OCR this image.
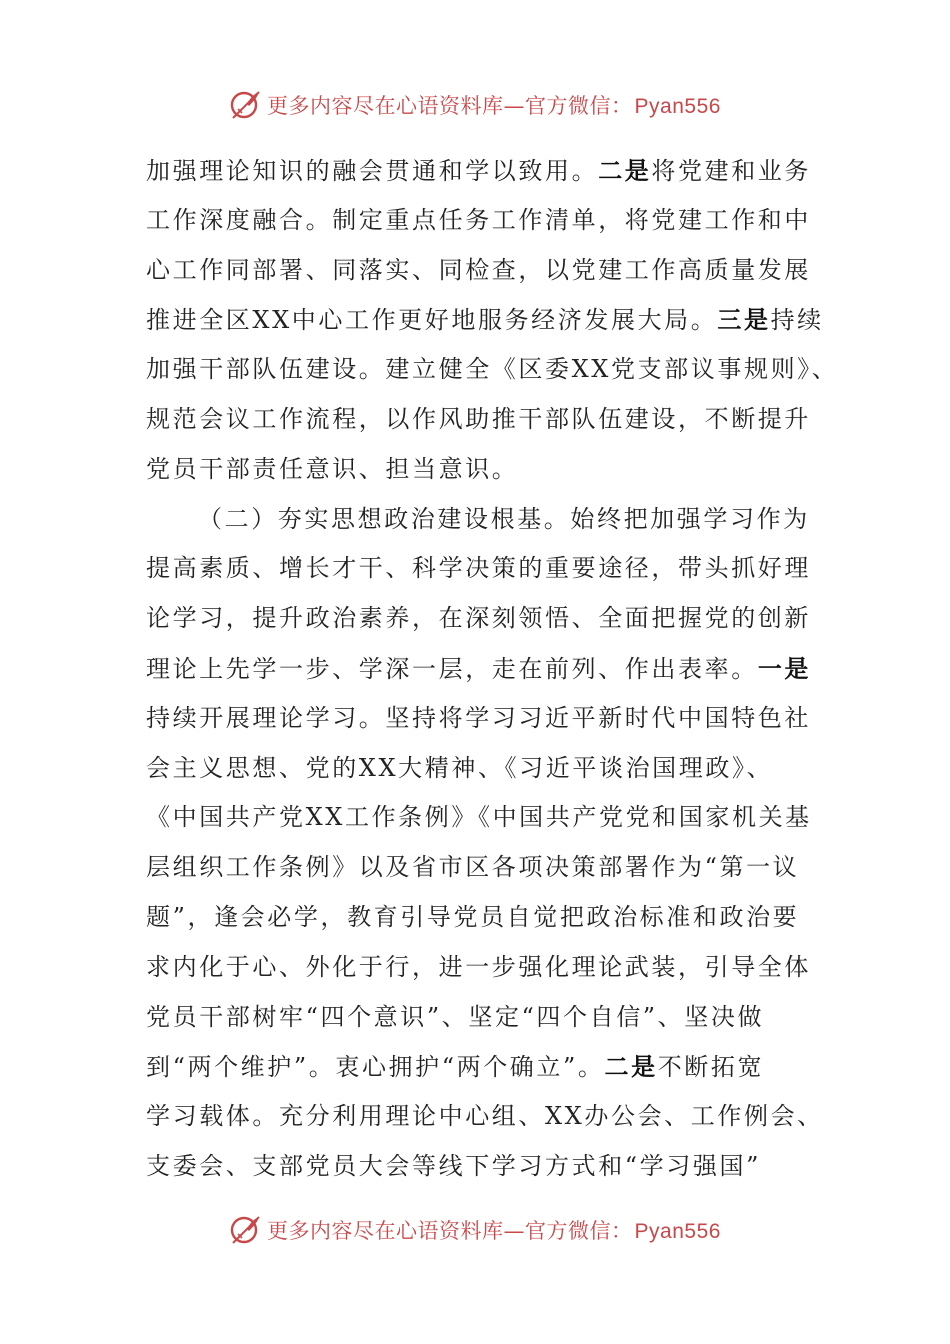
更多内容尽在心语资料库—官方微信：Pyan556
加强理论知识的融会贯通和学以致用。二是将党建和业务
工作深度融合。制定重点任务工作清单，将党建工作和中
心工作同部署、同落实、同检查，以党建工作高质量发展
推进全区XX中心工作更好地服务经济发展大局。三是持续
加强干部队伍建设。建立健全《区委XX党支部议事规则》、
规范会议工作流程，以作风助推干部队伍建设，不断提升
党员干部责任意识、担当意识。
（二）夯实思想政治建设根基。始终把加强学习作为
提高素质、增长才干、科学决策的重要途径，带头抓好理
论学习，提升政治素养，在深刻领悟、全面把握党的创新
理论上先学一步、学深一层，走在前列、作出表率。一是
持续开展理论学习。坚持将学习习近平新时代中国特色社
会主义思想、党的XX大精神、《习近平谈治国理政》、
《中国共产党XX工作条例》《中国共产党党和国家机关基
层组织工作条例》以及省市区各项决策部署作为“第一议
题”，逢会必学，教育引导党员自觉把政治标准和政治要
求内化于心、外化于行，进一步强化理论武装，引导全体
党员干部树牢“四个意识”、坚定“四个自信”、坚决做
到“两个维护”。衷心拥护“两个确立”。二是不断拓宽
学习载体。充分利用理论中心组、XX办公会、工作例会、
支委会、支部党员大会等线下学习方式和“学习强国”
更多内容尽在心语资料库—官方微信：Pyan556
